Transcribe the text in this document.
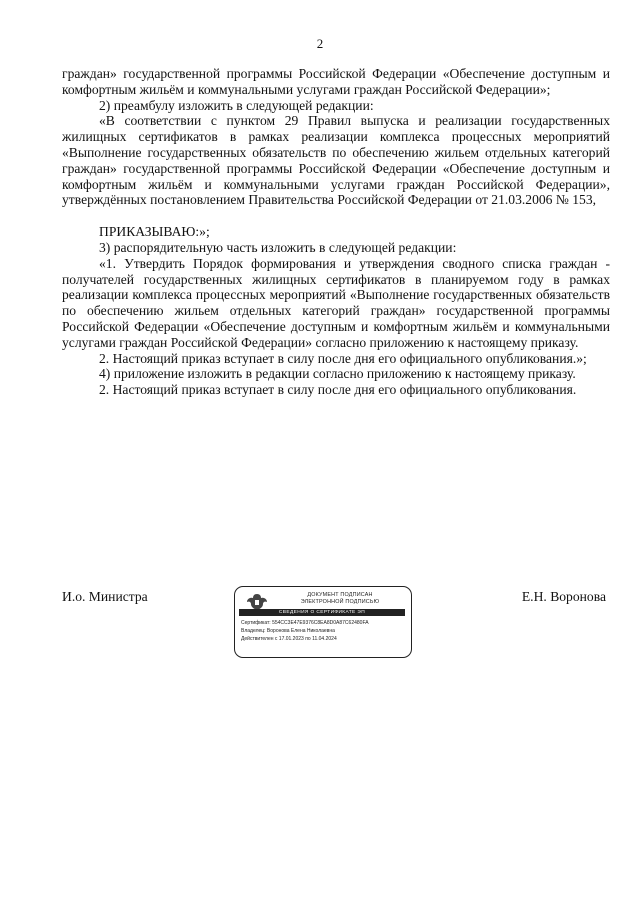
2

граждан» государственной программы Российской Федерации «Обеспечение доступным и комфортным жильём и коммунальными услугами граждан Российской Федерации»;

2) преамбулу изложить в следующей редакции:

«В соответствии с пунктом 29 Правил выпуска и реализации государственных жилищных сертификатов в рамках реализации комплекса процессных мероприятий «Выполнение государственных обязательств по обеспечению жильем отдельных категорий граждан» государственной программы Российской Федерации «Обеспечение доступным и комфортным жильём и коммунальными услугами граждан Российской Федерации», утверждённых постановлением Правительства Российской Федерации от 21.03.2006 № 153,

ПРИКАЗЫВАЮ:»;

3) распорядительную часть изложить в следующей редакции:

«1. Утвердить Порядок формирования и утверждения сводного списка граждан - получателей государственных жилищных сертификатов в планируемом году в рамках реализации комплекса процессных мероприятий «Выполнение государственных обязательств по обеспечению жильем отдельных категорий граждан» государственной программы Российской Федерации «Обеспечение доступным и комфортным жильём и коммунальными услугами граждан Российской Федерации» согласно приложению к настоящему приказу.

2. Настоящий приказ вступает в силу после дня его официального опубликования.»;

4) приложение изложить в редакции согласно приложению к настоящему приказу.

2. Настоящий приказ вступает в силу после дня его официального опубликования.

И.о. Министра	ДОКУМЕНТ ПОДПИСАН
ЭЛЕКТРОННОЙ ПОДПИСЬЮ
СВЕДЕНИЯ О СЕРТИФИКАТЕ ЭП
Сертификат: 554CC3E47E9376C8EA8D0A87C62480FA
Владелец: Воронова Елена Николаевна
Действителен с 17.01.2023 по 11.04.2024
Е.Н. Воронова
